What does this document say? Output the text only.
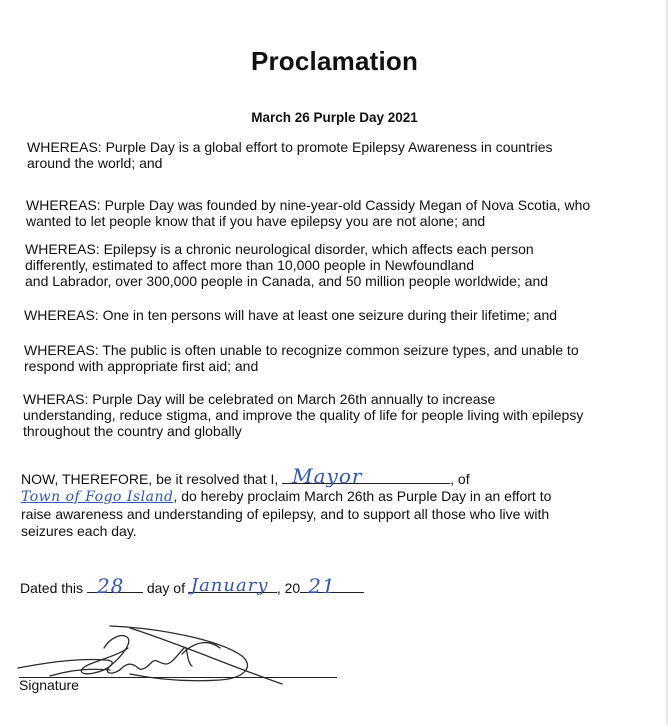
Proclamation
March 26 Purple Day 2021
WHEREAS: Purple Day is a global effort to promote Epilepsy Awareness in countries
around the world; and
WHEREAS: Purple Day was founded by nine-year-old Cassidy Megan of Nova Scotia, who
wanted to let people know that if you have epilepsy you are not alone; and
WHEREAS: Epilepsy is a chronic neurological disorder, which affects each person
differently, estimated to affect more than 10,000 people in Newfoundland
and Labrador, over 300,000 people in Canada, and 50 million people worldwide; and
WHEREAS: One in ten persons will have at least one seizure during their lifetime; and
WHEREAS: The public is often unable to recognize common seizure types, and unable to
respond with appropriate first aid; and
WHERAS: Purple Day will be celebrated on March 26th annually to increase
understanding, reduce stigma, and improve the quality of life for people living with epilepsy
throughout the country and globally
NOW, THEREFORE, be it resolved that I, Mayor	, of
Town of Fogo Island, do hereby proclaim March 26th as Purple Day in an effort to
raise awareness and understanding of epilepsy, and to support all those who live with
seizures each day.
Dated this 28 day of January , 20 21
Signature
